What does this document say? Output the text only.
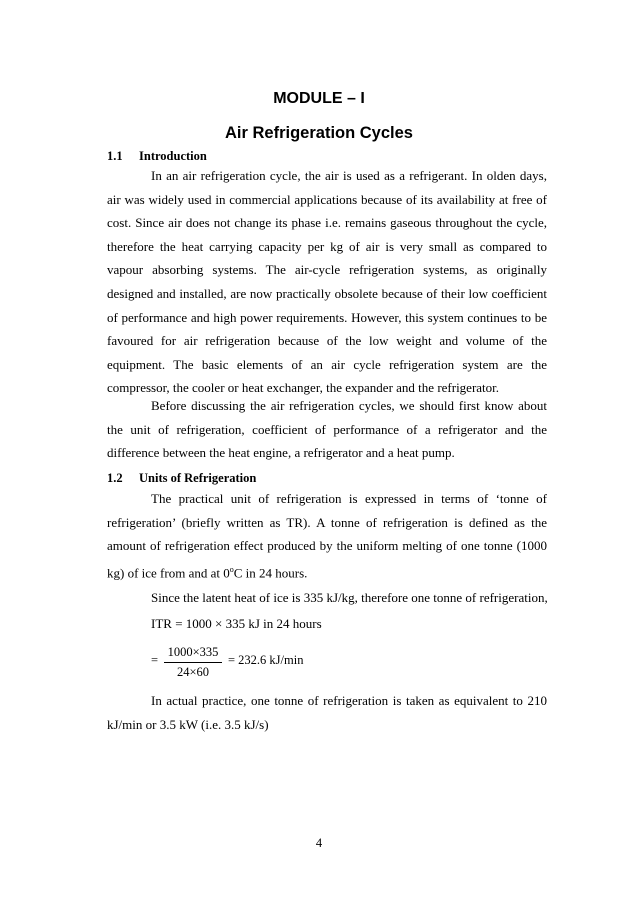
MODULE – I
Air Refrigeration Cycles
1.1 Introduction

In an air refrigeration cycle, the air is used as a refrigerant. In olden days, air was widely used in commercial applications because of its availability at free of cost. Since air does not change its phase i.e. remains gaseous throughout the cycle, therefore the heat carrying capacity per kg of air is very small as compared to vapour absorbing systems. The air-cycle refrigeration systems, as originally designed and installed, are now practically obsolete because of their low coefficient of performance and high power requirements. However, this system continues to be favoured for air refrigeration because of the low weight and volume of the equipment. The basic elements of an air cycle refrigeration system are the compressor, the cooler or heat exchanger, the expander and the refrigerator.

Before discussing the air refrigeration cycles, we should first know about the unit of refrigeration, coefficient of performance of a refrigerator and the difference between the heat engine, a refrigerator and a heat pump.

1.2 Units of Refrigeration

The practical unit of refrigeration is expressed in terms of ‘tonne of refrigeration’ (briefly written as TR). A tonne of refrigeration is defined as the amount of refrigeration effect produced by the uniform melting of one tonne (1000 kg) of ice from and at 0$^o$C in 24 hours.

Since the latent heat of ice is 335 kJ/kg, therefore one tonne of refrigeration,
ITR = 1000 × 335 kJ in 24 hours
=
1000×335
24×60
= 232.6 kJ/min

In actual practice, one tonne of refrigeration is taken as equivalent to 210 kJ/min or 3.5 kW (i.e. 3.5 kJ/s)

4
